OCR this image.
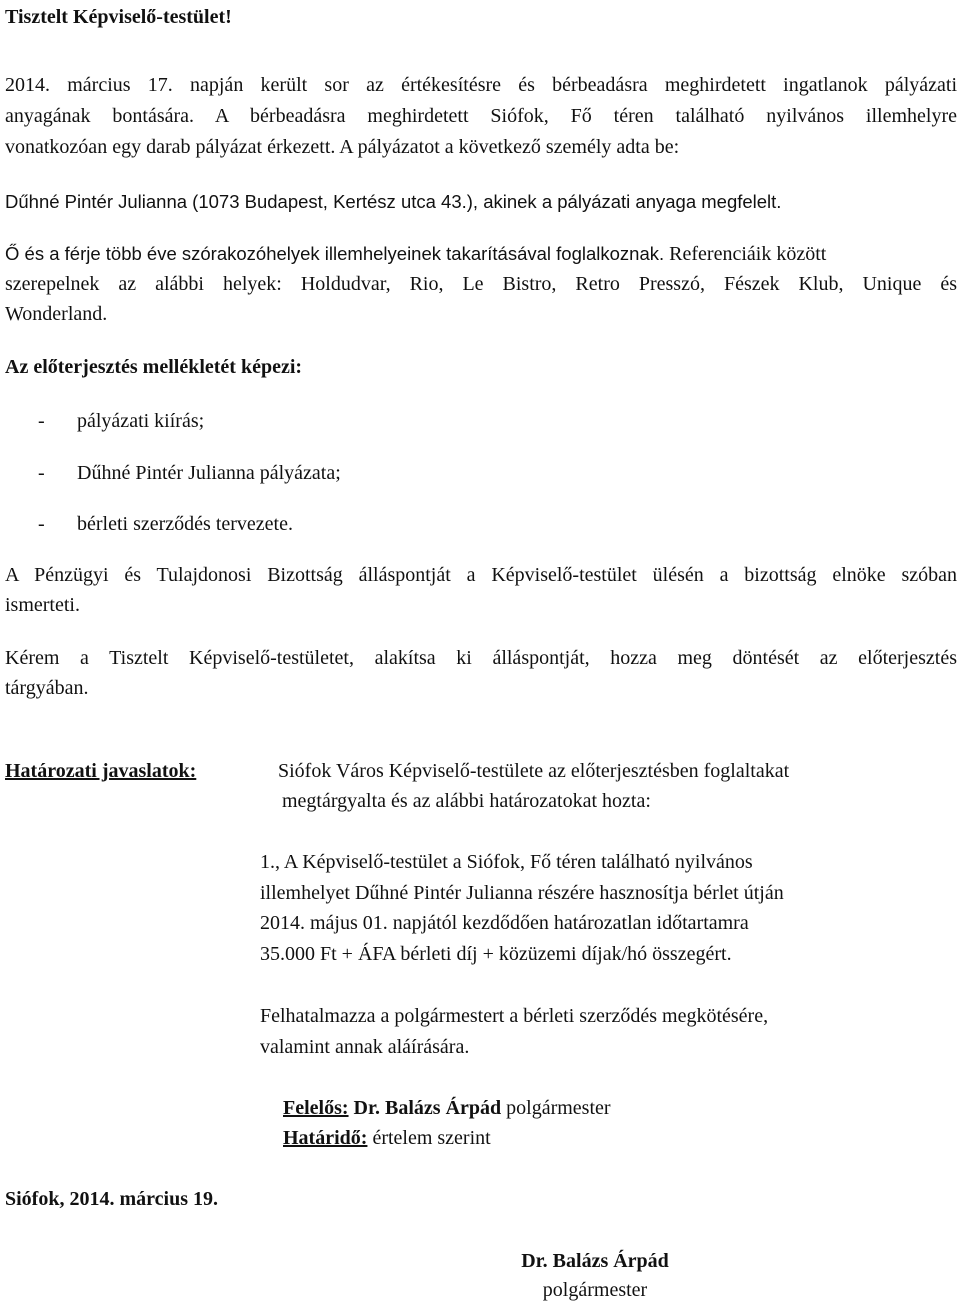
Tisztelt Képviselő-testület!
2014. március 17. napján került sor az értékesítésre és bérbeadásra meghirdetett ingatlanok pályázati
anyagának bontására. A bérbeadásra meghirdetett Siófok, Fő téren található nyilvános illemhelyre
vonatkozóan egy darab pályázat érkezett. A pályázatot a következő személy adta be:
Dűhné Pintér Julianna (1073 Budapest, Kertész utca 43.), akinek a pályázati anyaga megfelelt.
Ő és a férje több éve szórakozóhelyek illemhelyeinek takarításával foglalkoznak. Referenciáik között
szerepelnek az alábbi helyek: Holdudvar, Rio, Le Bistro, Retro Presszó, Fészek Klub, Unique és
Wonderland.
Az előterjesztés mellékletét képezi:
- pályázati kiírás;
- Dűhné Pintér Julianna pályázata;
- bérleti szerződés tervezete.
A Pénzügyi és Tulajdonosi Bizottság álláspontját a Képviselő-testület ülésén a bizottság elnöke szóban
ismerteti.
Kérem a Tisztelt Képviselő-testületet, alakítsa ki álláspontját, hozza meg döntését az előterjesztés
tárgyában.
Határozati javaslatok:	Siófok Város Képviselő-testülete az előterjesztésben foglaltakat
megtárgyalta és az alábbi határozatokat hozta:
1., A Képviselő-testület a Siófok, Fő téren található nyilvános
illemhelyet Dűhné Pintér Julianna részére hasznosítja bérlet útján
2014. május 01. napjától kezdődően határozatlan időtartamra
35.000 Ft + ÁFA bérleti díj + közüzemi díjak/hó összegért.
Felhatalmazza a polgármestert a bérleti szerződés megkötésére,
valamint annak aláírására.
Felelős: Dr. Balázs Árpád polgármester
Határidő: értelem szerint
Siófok, 2014. március 19.
Dr. Balázs Árpád
polgármester
